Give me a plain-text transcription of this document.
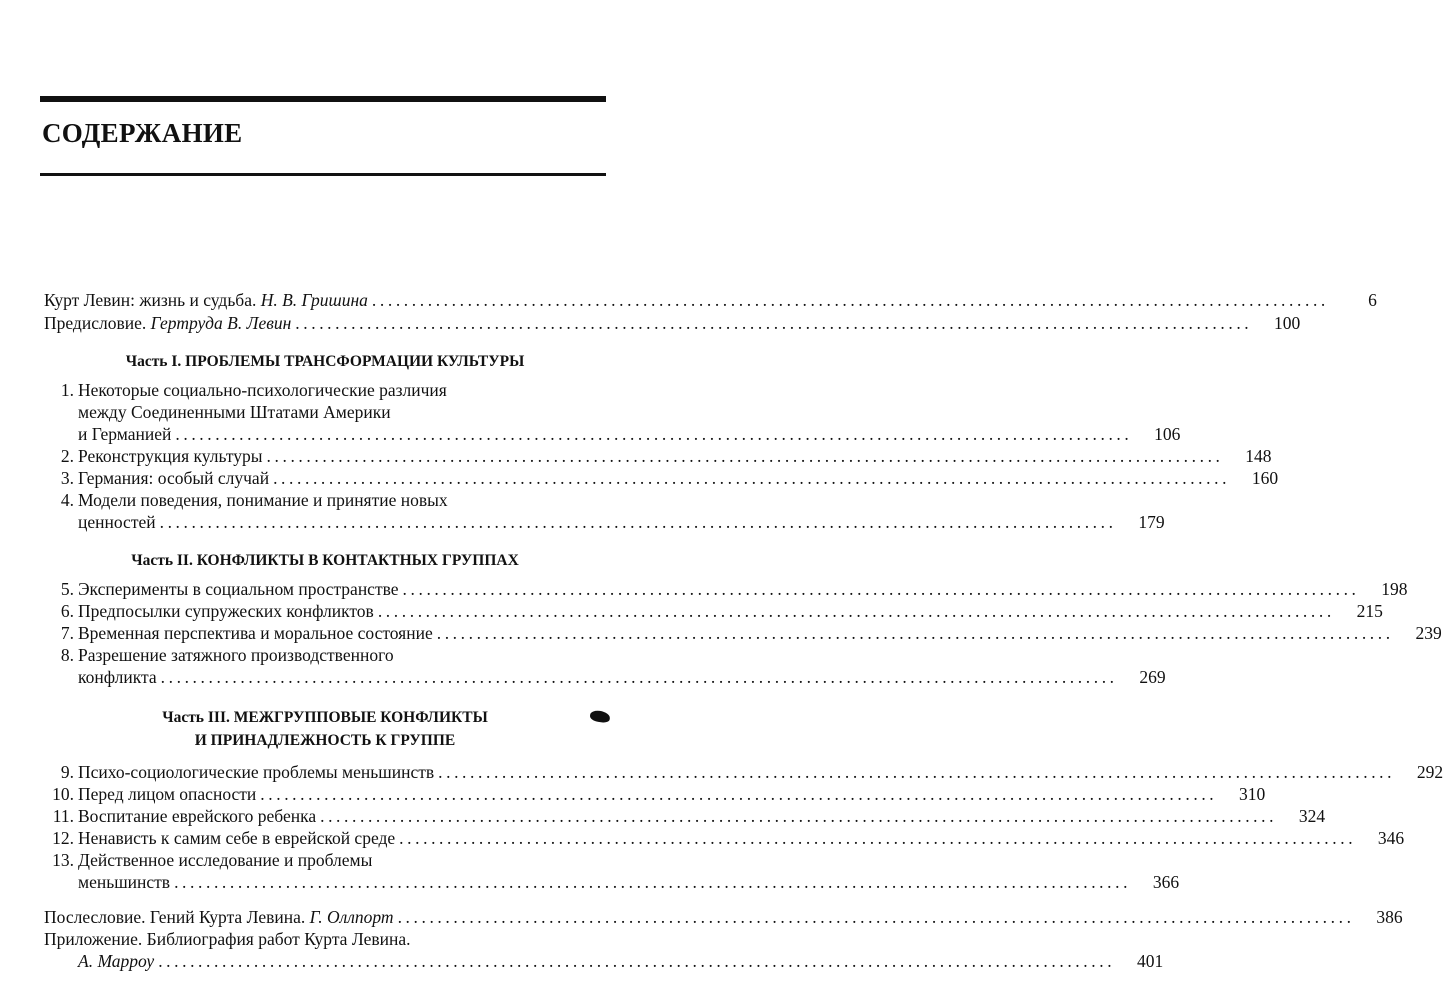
СОДЕРЖАНИЕ
Курт Левин: жизнь и судьба. Н. В. Гришина ........................................................................................................................	6
Предисловие. Гертруда В. Левин ........................................................................................................................	100
Часть I. ПРОБЛЕМЫ ТРАНСФОРМАЦИИ КУЛЬТУРЫ
1. Некоторые социально-психологические различия
между Соединенными Штатами Америки
и Германией ........................................................................................................................	106
2. Реконструкция культуры ........................................................................................................................	148
3. Германия: особый случай ........................................................................................................................	160
4. Модели поведения, понимание и принятие новых
ценностей ........................................................................................................................	179
Часть II. КОНФЛИКТЫ В КОНТАКТНЫХ ГРУППАХ
5. Эксперименты в социальном пространстве ........................................................................................................................	198
6. Предпосылки супружеских конфликтов ........................................................................................................................	215
7. Временная перспектива и моральное состояние ........................................................................................................................	239
8. Разрешение затяжного производственного
конфликта ........................................................................................................................	269
Часть III. МЕЖГРУППОВЫЕ КОНФЛИКТЫ
И ПРИНАДЛЕЖНОСТЬ К ГРУППЕ
9. Психо-социологические проблемы меньшинств ........................................................................................................................	292
10. Перед лицом опасности ........................................................................................................................	310
11. Воспитание еврейского ребенка ........................................................................................................................	324
12. Ненависть к самим себе в еврейской среде ........................................................................................................................	346
13. Действенное исследование и проблемы
меньшинств ........................................................................................................................	366
Послесловие. Гений Курта Левина. Г. Оллпорт ........................................................................................................................	386
Приложение. Библиография работ Курта Левина.
А. Марроу ........................................................................................................................	401
